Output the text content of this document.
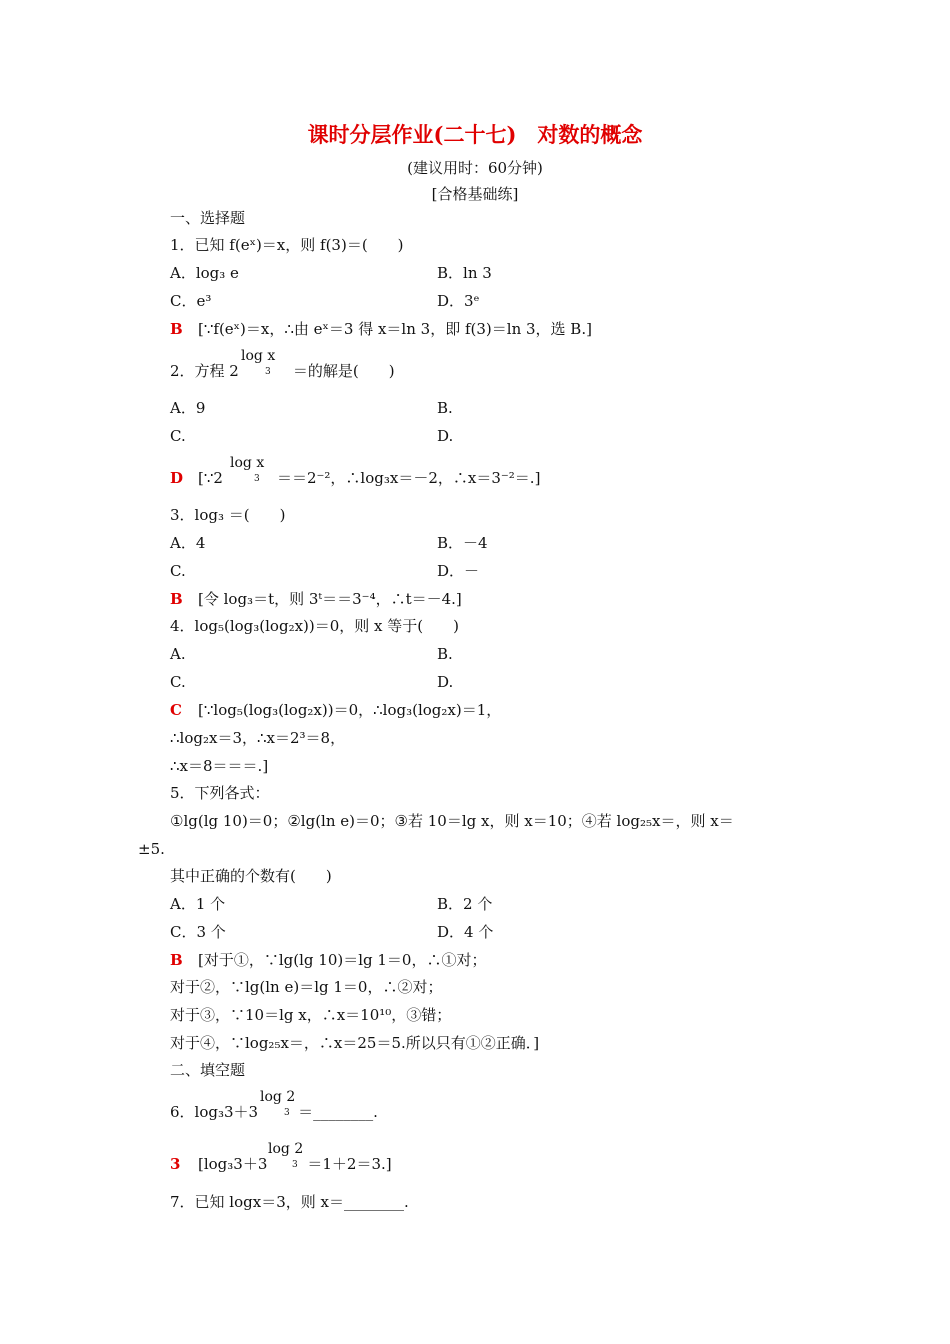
课时分层作业(二十七)　对数的概念
(建议用时：60分钟)
[合格基础练]
一、选择题
1．已知 f(eˣ)＝x，则 f(3)＝(　　)
A．log₃ e	B．ln 3
C．e³	D．3ᵉ
B [∵f(eˣ)＝x，∴由 eˣ＝3 得 x＝ln 3，即 f(3)＝ln 3，选 B.]
log x
3
2．方程 2	＝的解是(　　)
A．9	B.
C.	D.
log x
3
D [∵2	＝＝2⁻²，∴log₃x＝－2，∴x＝3⁻²＝.]
3．log₃ ＝(　　)
A．4	B．－4
C.	D．－
B [令 log₃＝t，则 3ᵗ＝＝3⁻⁴，∴t＝－4.]
4．log₅(log₃(log₂x))＝0，则 x 等于(　　)
A.	B.
C.	D.
C [∵log₅(log₃(log₂x))＝0，∴log₃(log₂x)＝1，
∴log₂x＝3，∴x＝2³＝8，
∴x＝8＝＝＝.]
5．下列各式：
①lg(lg 10)＝0；②lg(ln e)＝0；③若 10＝lg x，则 x＝10；④若 log₂₅x＝，则 x＝
±5.
其中正确的个数有(　　)
A．1 个	B．2 个
C．3 个	D．4 个
B [对于①，∵lg(lg 10)＝lg 1＝0，∴①对；
对于②，∵lg(ln e)＝lg 1＝0，∴②对；
对于③，∵10＝lg x，∴x＝10¹⁰，③错；
对于④，∵log₂₅x＝，∴x＝25＝5.所以只有①②正确．]
二、填空题
log 2
3
6．log₃3＋3	＝________.
log 2
3
3 [log₃3＋3	＝1＋2＝3.]
7．已知 logx＝3，则 x＝________.
